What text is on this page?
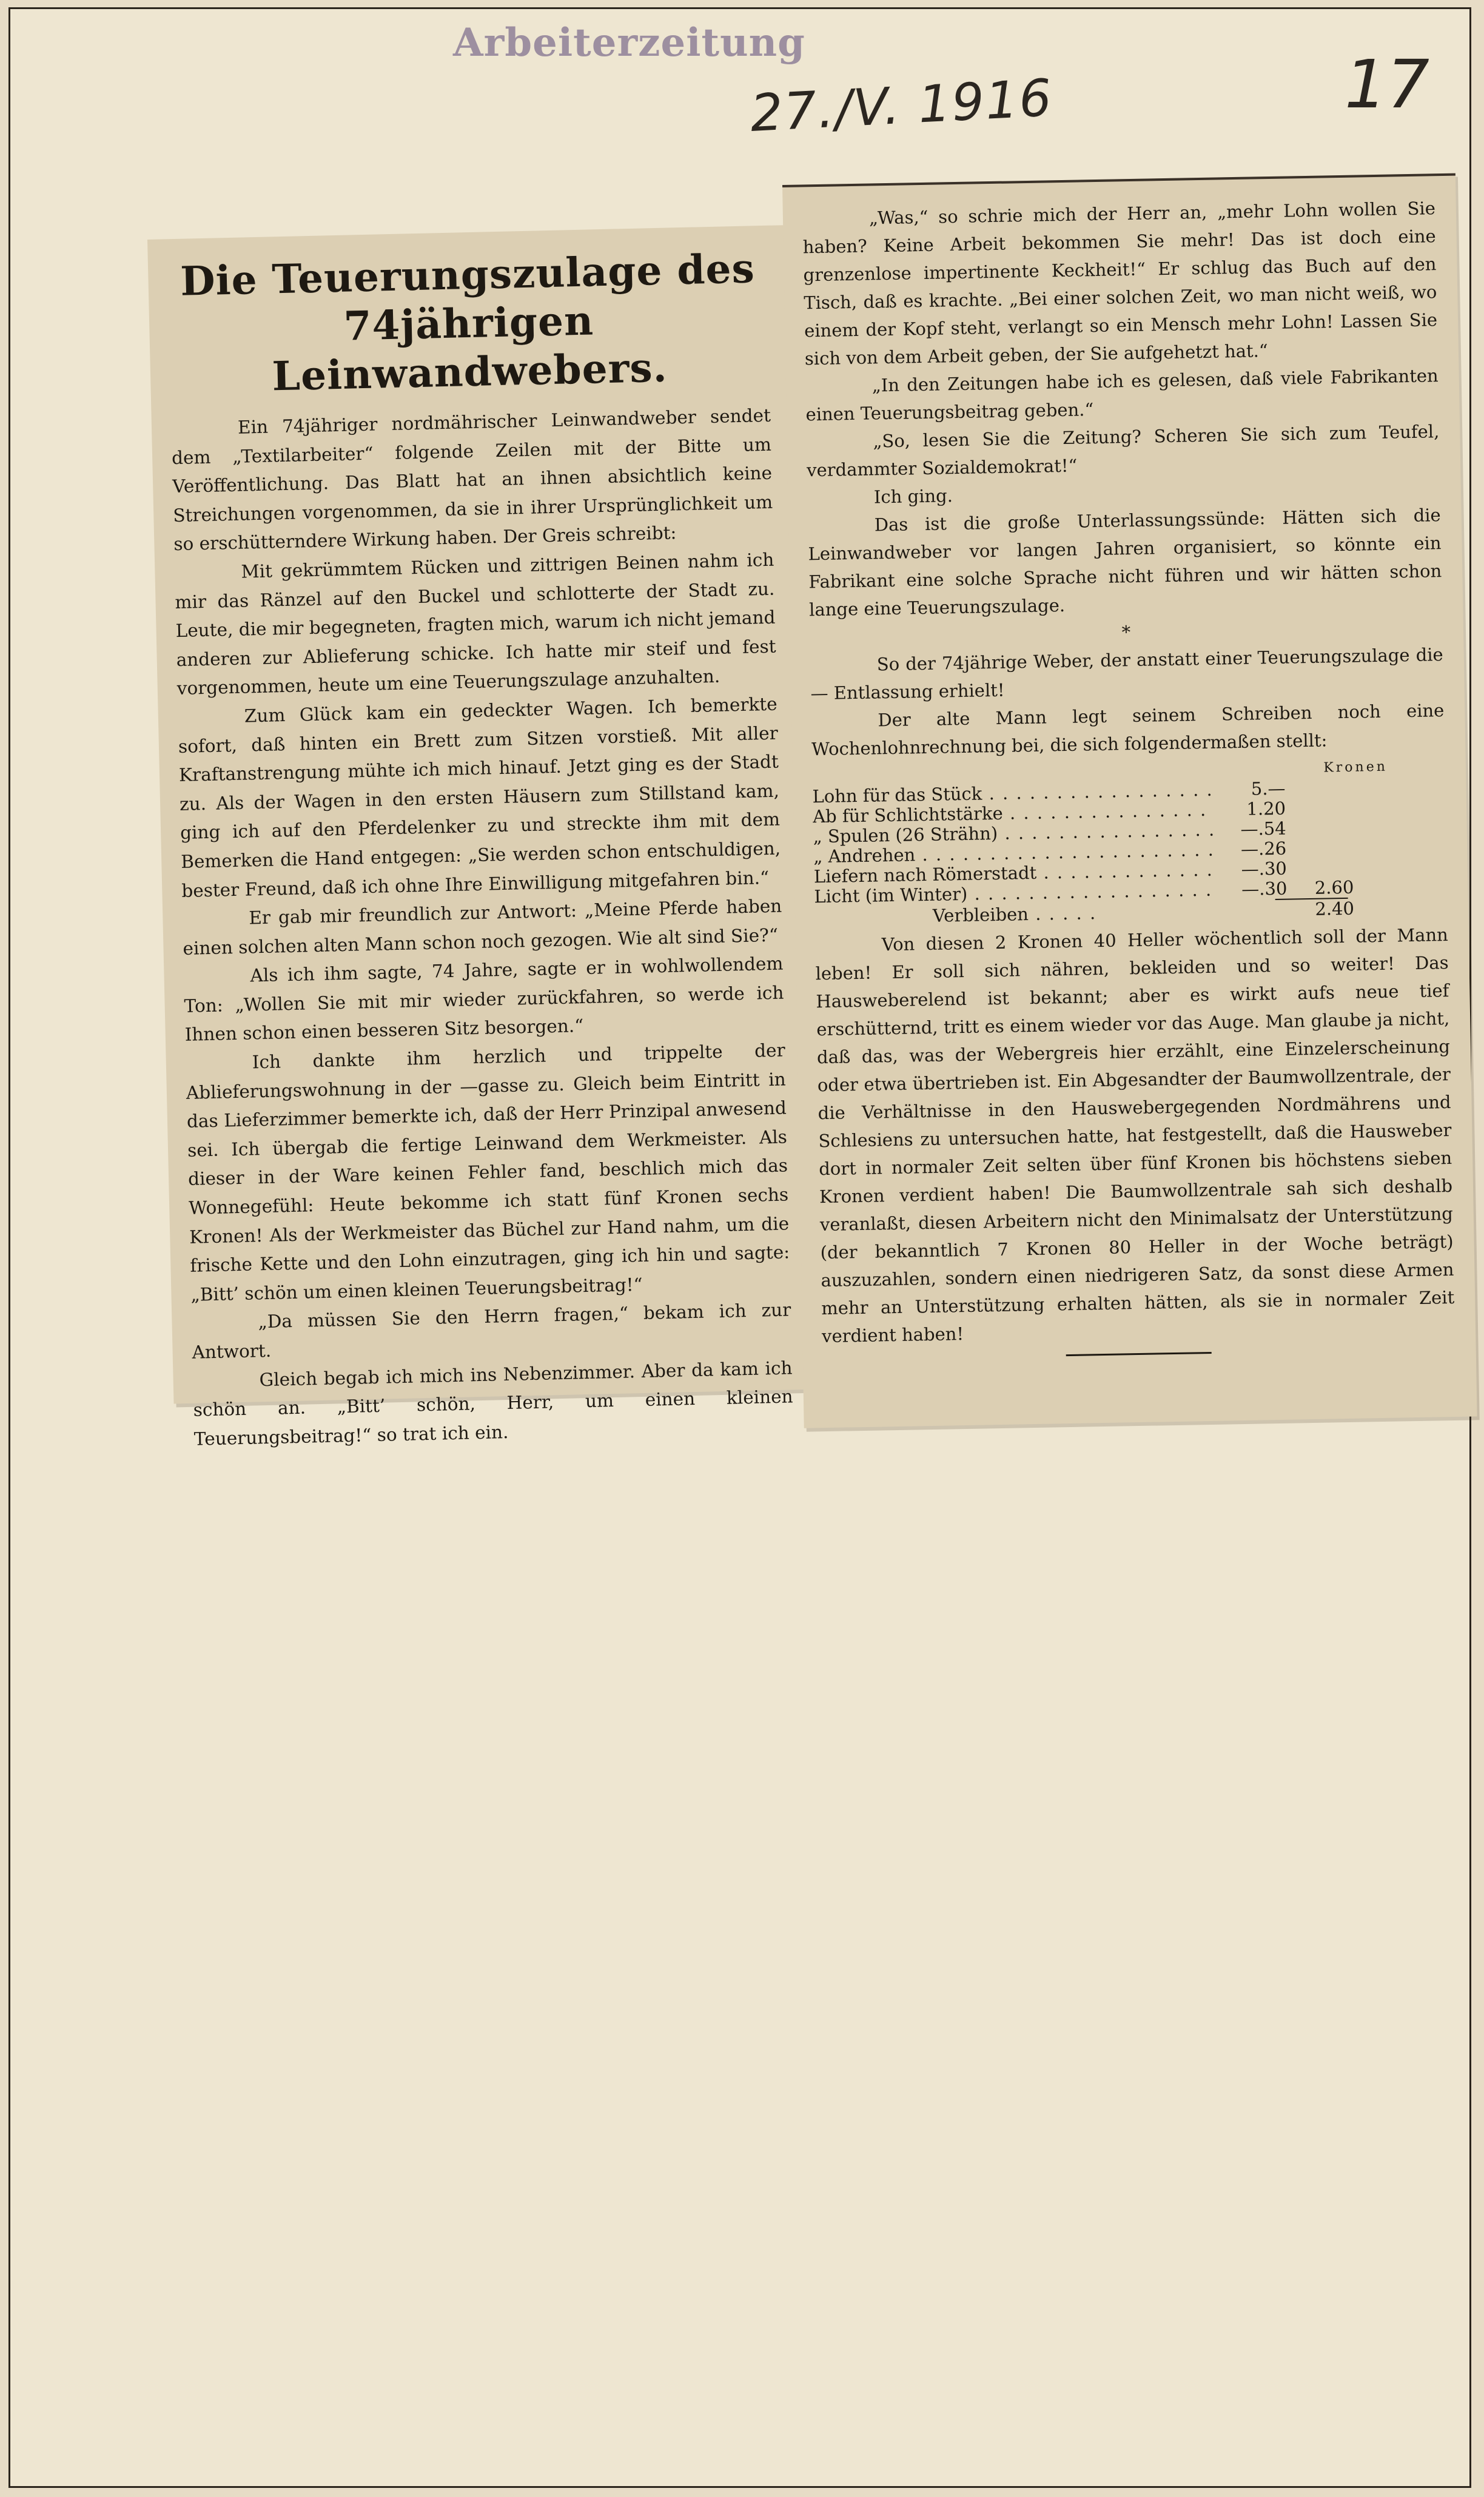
Arbeiterzeitung
27./V. 1916	17
Die Teuerungszulage des 74jährigen Leinwandwebers.

Ein 74jähriger nordmährischer Leinwandweber sendet dem „Textilarbeiter“ folgende Zeilen mit der Bitte um Veröffentlichung. Das Blatt hat an ihnen absichtlich keine Streichungen vorgenommen, da sie in ihrer Ursprünglichkeit um so erschütterndere Wirkung haben. Der Greis schreibt:

Mit gekrümmtem Rücken und zittrigen Beinen nahm ich mir das Ränzel auf den Buckel und schlotterte der Stadt zu. Leute, die mir begegneten, fragten mich, warum ich nicht jemand anderen zur Ablieferung schicke. Ich hatte mir steif und fest vorgenommen, heute um eine Teuerungszulage anzuhalten.

Zum Glück kam ein gedeckter Wagen. Ich bemerkte sofort, daß hinten ein Brett zum Sitzen vorstieß. Mit aller Kraftanstrengung mühte ich mich hinauf. Jetzt ging es der Stadt zu. Als der Wagen in den ersten Häusern zum Stillstand kam, ging ich auf den Pferdelenker zu und streckte ihm mit dem Bemerken die Hand entgegen: „Sie werden schon entschuldigen, bester Freund, daß ich ohne Ihre Einwilligung mitgefahren bin.“

Er gab mir freundlich zur Antwort: „Meine Pferde haben einen solchen alten Mann schon noch gezogen. Wie alt sind Sie?“

Als ich ihm sagte, 74 Jahre, sagte er in wohlwollendem Ton: „Wollen Sie mit mir wieder zurückfahren, so werde ich Ihnen schon einen besseren Sitz besorgen.“

Ich dankte ihm herzlich und trippelte der Ablieferungswohnung in der —gasse zu. Gleich beim Eintritt in das Lieferzimmer bemerkte ich, daß der Herr Prinzipal anwesend sei. Ich übergab die fertige Leinwand dem Werkmeister. Als dieser in der Ware keinen Fehler fand, beschlich mich das Wonnegefühl: Heute bekomme ich statt fünf Kronen sechs Kronen! Als der Werkmeister das Büchel zur Hand nahm, um die frische Kette und den Lohn einzutragen, ging ich hin und sagte: „Bitt’ schön um einen kleinen Teuerungsbeitrag!“

„Da müssen Sie den Herrn fragen,“ bekam ich zur Antwort.

Gleich begab ich mich ins Nebenzimmer. Aber da kam ich schön an. „Bitt’ schön, Herr, um einen kleinen Teuerungsbeitrag!“ so trat ich ein.

„Was,“ so schrie mich der Herr an, „mehr Lohn wollen Sie haben? Keine Arbeit bekommen Sie mehr! Das ist doch eine grenzenlose impertinente Keckheit!“ Er schlug das Buch auf den Tisch, daß es krachte. „Bei einer solchen Zeit, wo man nicht weiß, wo einem der Kopf steht, verlangt so ein Mensch mehr Lohn! Lassen Sie sich von dem Arbeit geben, der Sie aufgehetzt hat.“

„In den Zeitungen habe ich es gelesen, daß viele Fabrikanten einen Teuerungsbeitrag geben.“

„So, lesen Sie die Zeitung? Scheren Sie sich zum Teufel, verdammter Sozialdemokrat!“

Ich ging.

Das ist die große Unterlassungssünde: Hätten sich die Leinwandweber vor langen Jahren organisiert, so könnte ein Fabrikant eine solche Sprache nicht führen und wir hätten schon lange eine Teuerungszulage.

*

So der 74jährige Weber, der anstatt einer Teuerungszulage die — Entlassung erhielt!

Der alte Mann legt seinem Schreiben noch eine Wochenlohnrechnung bei, die sich folgendermaßen stellt:

Kronen
Lohn für das Stück . . .	5.—
Ab für Schlichtstärke . . .	1.20
„ Spulen (26 Strähn) . . .	—.54
„ Andrehen . . .	—.26
Liefern nach Römerstadt . . .	—.30
Licht (im Winter) . . .	—.30	2.60
Verbleiben . . .	2.40

Von diesen 2 Kronen 40 Heller wöchentlich soll der Mann leben! Er soll sich nähren, bekleiden und so weiter! Das Hausweberelend ist bekannt; aber es wirkt aufs neue tief erschütternd, tritt es einem wieder vor das Auge. Man glaube ja nicht, daß das, was der Webergreis hier erzählt, eine Einzelerscheinung oder etwa übertrieben ist. Ein Abgesandter der Baumwollzentrale, der die Verhältnisse in den Hauswebergegenden Nordmährens und Schlesiens zu untersuchen hatte, hat festgestellt, daß die Hausweber dort in normaler Zeit selten über fünf Kronen bis höchstens sieben Kronen verdient haben! Die Baumwollzentrale sah sich deshalb veranlaßt, diesen Arbeitern nicht den Minimalsatz der Unterstützung (der bekanntlich 7 Kronen 80 Heller in der Woche beträgt) auszuzahlen, sondern einen niedrigeren Satz, da sonst diese Armen mehr an Unterstützung erhalten hätten, als sie in normaler Zeit verdient haben!
